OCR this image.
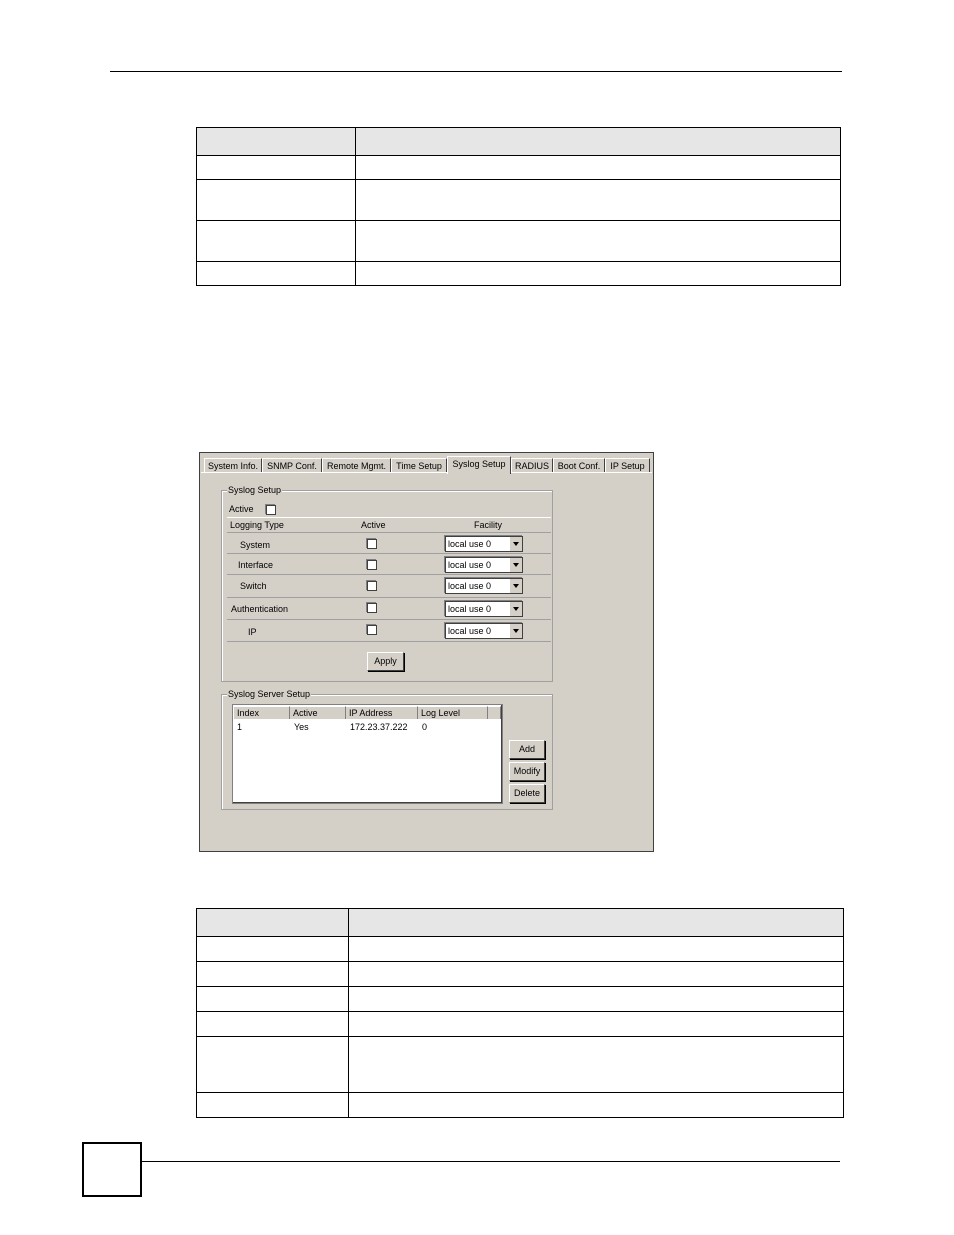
System Info.	SNMP Conf.	Remote Mgmt.	Time Setup	Syslog Setup	RADIUS Boot Conf.	IP Setup
Syslog Setup
Active
Logging Type	Active	Facility
System	local use 0
Interface	local use 0
Switch	local use 0
Authentication	local use 0
IP	local use 0
Apply
Syslog Server Setup
Index	Active	IP Address	Log Level
1	Yes	172.23.37.222 0
Add
Modify
Delete
